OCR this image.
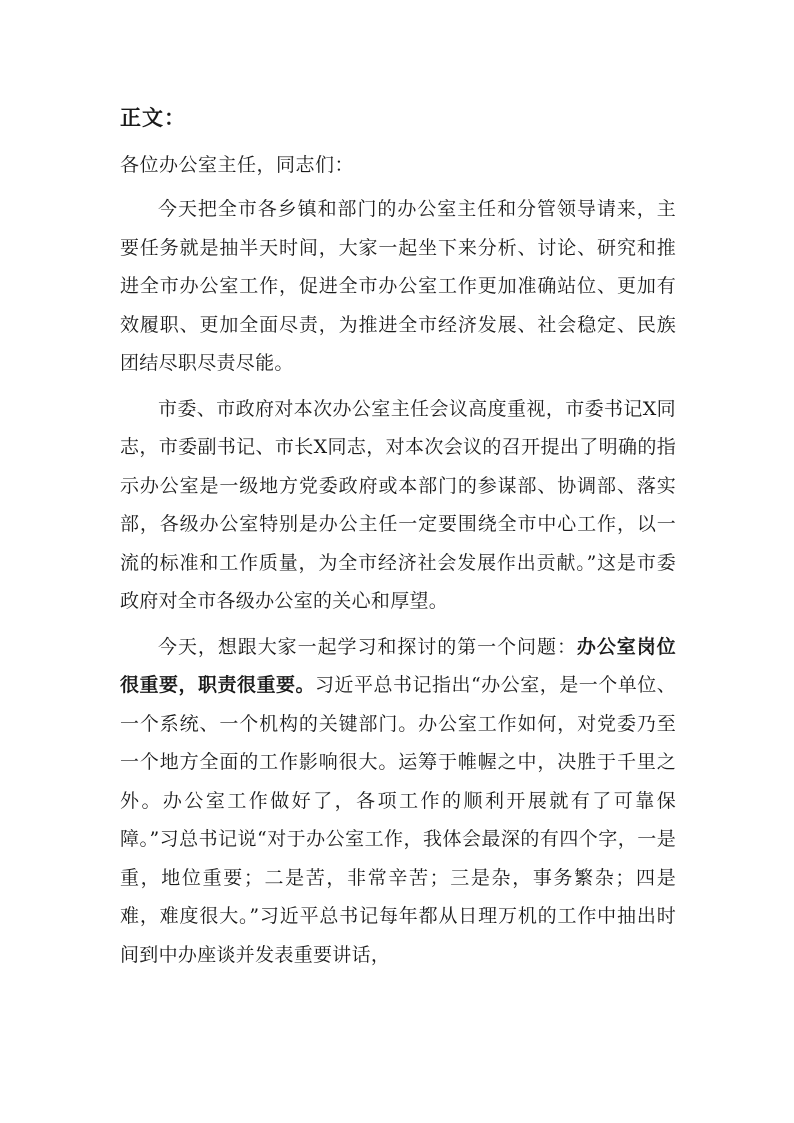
正文：
各位办公室主任，同志们：

今天把全市各乡镇和部门的办公室主任和分管领导请来，主要任务就是抽半天时间，大家一起坐下来分析、讨论、研究和推进全市办公室工作，促进全市办公室工作更加准确站位、更加有效履职、更加全面尽责，为推进全市经济发展、社会稳定、民族团结尽职尽责尽能。

市委、市政府对本次办公室主任会议高度重视，市委书记X同志，市委副书记、市长X同志，对本次会议的召开提出了明确的指示办公室是一级地方党委政府或本部门的参谋部、协调部、落实部，各级办公室特别是办公主任一定要围绕全市中心工作，以一流的标准和工作质量，为全市经济社会发展作出贡献。”这是市委政府对全市各级办公室的关心和厚望。

今天，想跟大家一起学习和探讨的第一个问题：办公室岗位很重要，职责很重要。习近平总书记指出“办公室，是一个单位、一个系统、一个机构的关键部门。办公室工作如何，对党委乃至一个地方全面的工作影响很大。运筹于帷幄之中，决胜于千里之外。办公室工作做好了，各项工作的顺利开展就有了可靠保障。”习总书记说“对于办公室工作，我体会最深的有四个字，一是重，地位重要；二是苦，非常辛苦；三是杂，事务繁杂；四是难，难度很大。”习近平总书记每年都从日理万机的工作中抽出时间到中办座谈并发表重要讲话，
